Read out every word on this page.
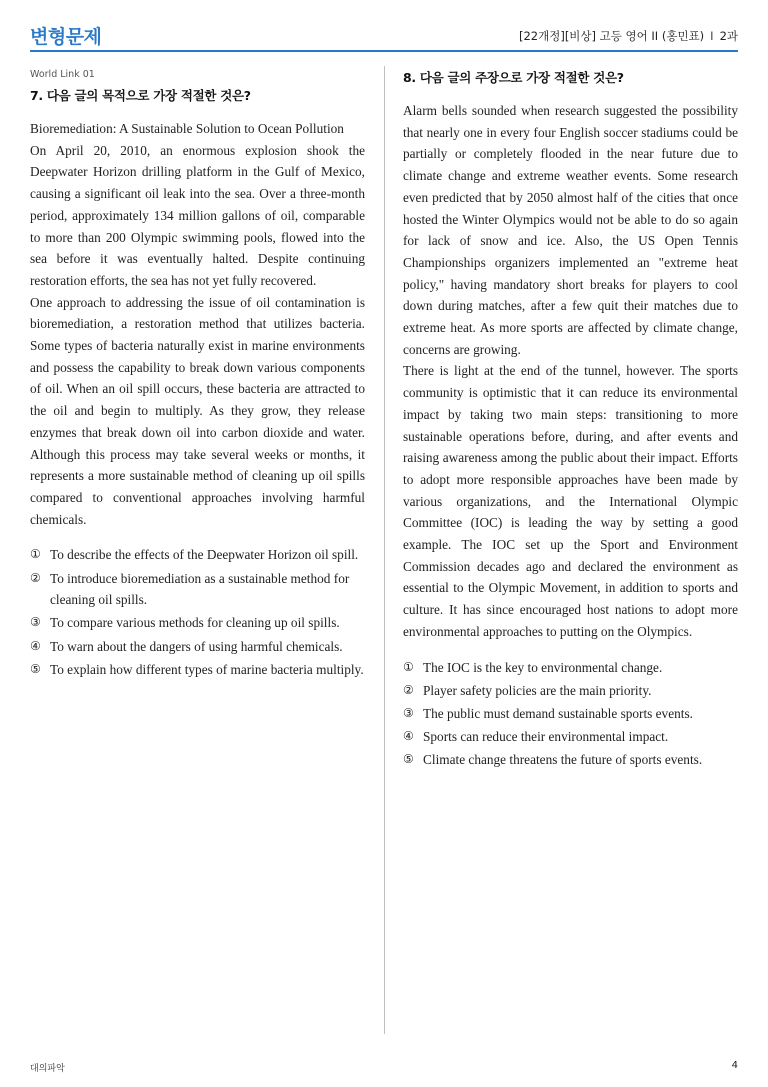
변형문제	[22개정][비상] 고등 영어 II (홍민표) I 2과
World Link 01
7. 다음 글의 목적으로 가장 적절한 것은?

Bioremediation: A Sustainable Solution to Ocean Pollution

On April 20, 2010, an enormous explosion shook the Deepwater Horizon drilling platform in the Gulf of Mexico, causing a significant oil leak into the sea. Over a three-month period, approximately 134 million gallons of oil, comparable to more than 200 Olympic swimming pools, flowed into the sea before it was eventually halted. Despite continuing restoration efforts, the sea has not yet fully recovered.

One approach to addressing the issue of oil contamination is bioremediation, a restoration method that utilizes bacteria. Some types of bacteria naturally exist in marine environments and possess the capability to break down various components of oil. When an oil spill occurs, these bacteria are attracted to the oil and begin to multiply. As they grow, they release enzymes that break down oil into carbon dioxide and water. Although this process may take several weeks or months, it represents a more sustainable method of cleaning up oil spills compared to conventional approaches involving harmful chemicals.

① To describe the effects of the Deepwater Horizon oil spill.
② To introduce bioremediation as a sustainable method for cleaning oil spills.
③ To compare various methods for cleaning up oil spills.
④ To warn about the dangers of using harmful chemicals.
⑤ To explain how different types of marine bacteria multiply.
8. 다음 글의 주장으로 가장 적절한 것은?

Alarm bells sounded when research suggested the possibility that nearly one in every four English soccer stadiums could be partially or completely flooded in the near future due to climate change and extreme weather events. Some research even predicted that by 2050 almost half of the cities that once hosted the Winter Olympics would not be able to do so again for lack of snow and ice. Also, the US Open Tennis Championships organizers implemented an "extreme heat policy," having mandatory short breaks for players to cool down during matches, after a few quit their matches due to extreme heat. As more sports are affected by climate change, concerns are growing.

There is light at the end of the tunnel, however. The sports community is optimistic that it can reduce its environmental impact by taking two main steps: transitioning to more sustainable operations before, during, and after events and raising awareness among the public about their impact. Efforts to adopt more responsible approaches have been made by various organizations, and the International Olympic Committee (IOC) is leading the way by setting a good example. The IOC set up the Sport and Environment Commission decades ago and declared the environment as essential to the Olympic Movement, in addition to sports and culture. It has since encouraged host nations to adopt more environmental approaches to putting on the Olympics.

① The IOC is the key to environmental change.
② Player safety policies are the main priority.
③ The public must demand sustainable sports events.
④ Sports can reduce their environmental impact.
⑤ Climate change threatens the future of sports events.
대의파악	4
